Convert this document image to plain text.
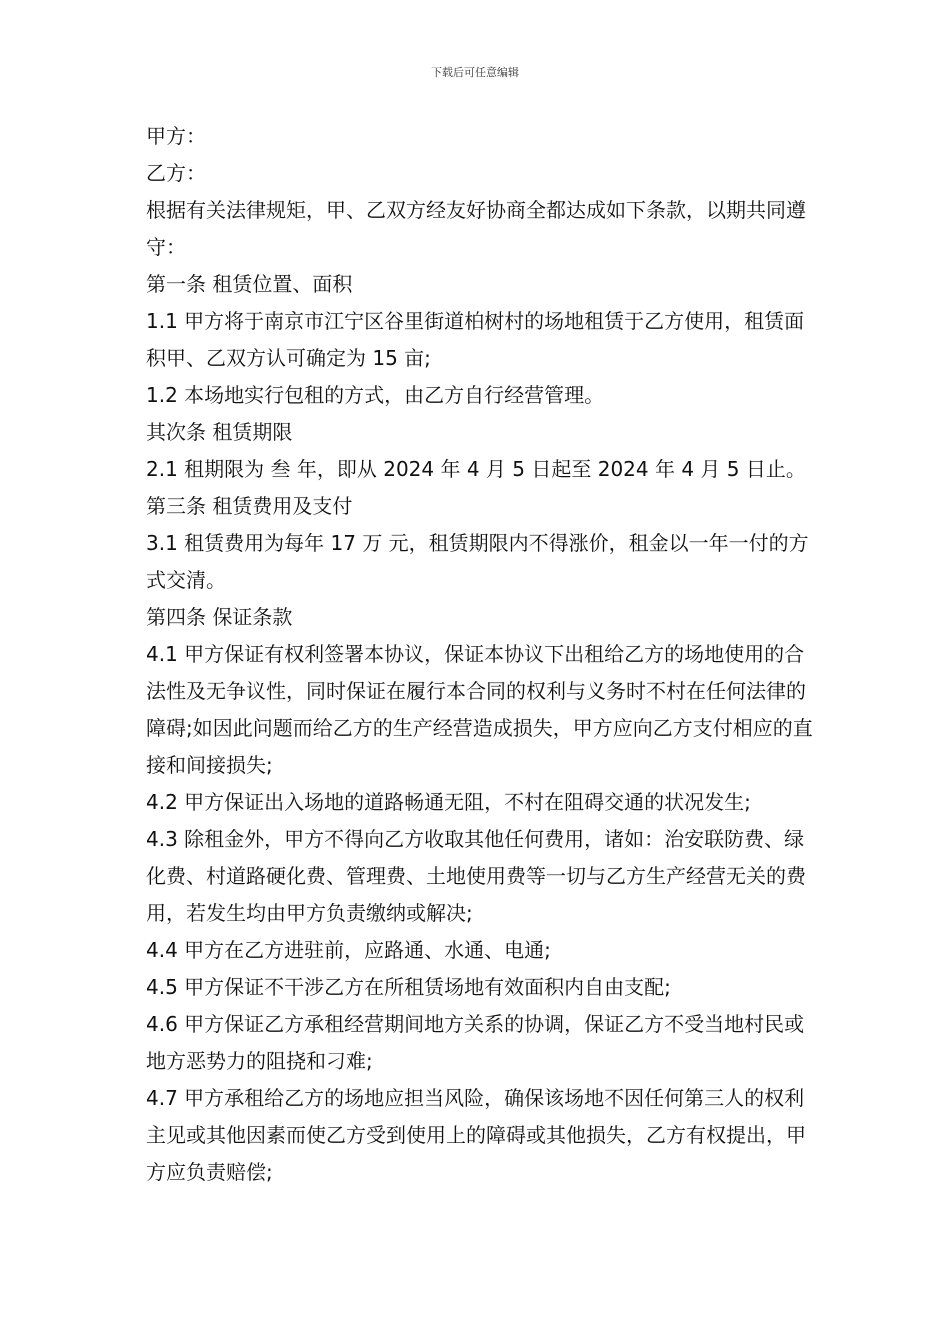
下载后可任意编辑

甲方：

乙方：

根据有关法律规矩，甲、乙双方经友好协商全都达成如下条款，以期共同遵守：

第一条 租赁位置、面积

1.1 甲方将于南京市江宁区谷里街道柏树村的场地租赁于乙方使用，租赁面积甲、乙双方认可确定为 15 亩;

1.2 本场地实行包租的方式，由乙方自行经营管理。

其次条 租赁期限

2.1 租期限为 叁 年，即从 2024 年 4 月 5 日起至 2024 年 4 月 5 日止。

第三条 租赁费用及支付

3.1 租赁费用为每年 17 万 元，租赁期限内不得涨价，租金以一年一付的方式交清。

第四条 保证条款

4.1 甲方保证有权利签署本协议，保证本协议下出租给乙方的场地使用的合法性及无争议性，同时保证在履行本合同的权利与义务时不村在任何法律的障碍;如因此问题而给乙方的生产经营造成损失，甲方应向乙方支付相应的直接和间接损失;

4.2 甲方保证出入场地的道路畅通无阻，不村在阻碍交通的状况发生;

4.3 除租金外，甲方不得向乙方收取其他任何费用，诸如：治安联防费、绿化费、村道路硬化费、管理费、土地使用费等一切与乙方生产经营无关的费用，若发生均由甲方负责缴纳或解决;

4.4 甲方在乙方进驻前，应路通、水通、电通;

4.5 甲方保证不干涉乙方在所租赁场地有效面积内自由支配;

4.6 甲方保证乙方承租经营期间地方关系的协调，保证乙方不受当地村民或地方恶势力的阻挠和刁难;

4.7 甲方承租给乙方的场地应担当风险，确保该场地不因任何第三人的权利主见或其他因素而使乙方受到使用上的障碍或其他损失，乙方有权提出，甲方应负责赔偿;
